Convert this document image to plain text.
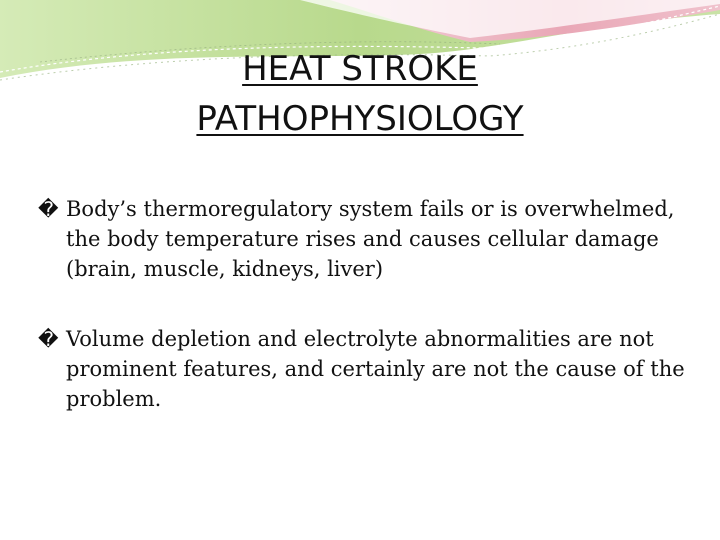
HEAT STROKE
PATHOPHYSIOLOGY
� Body’s thermoregulatory system fails or is overwhelmed, the body temperature rises and causes cellular damage (brain, muscle, kidneys, liver)
� Volume depletion and electrolyte abnormalities are not prominent features, and certainly are not the cause of the problem.
